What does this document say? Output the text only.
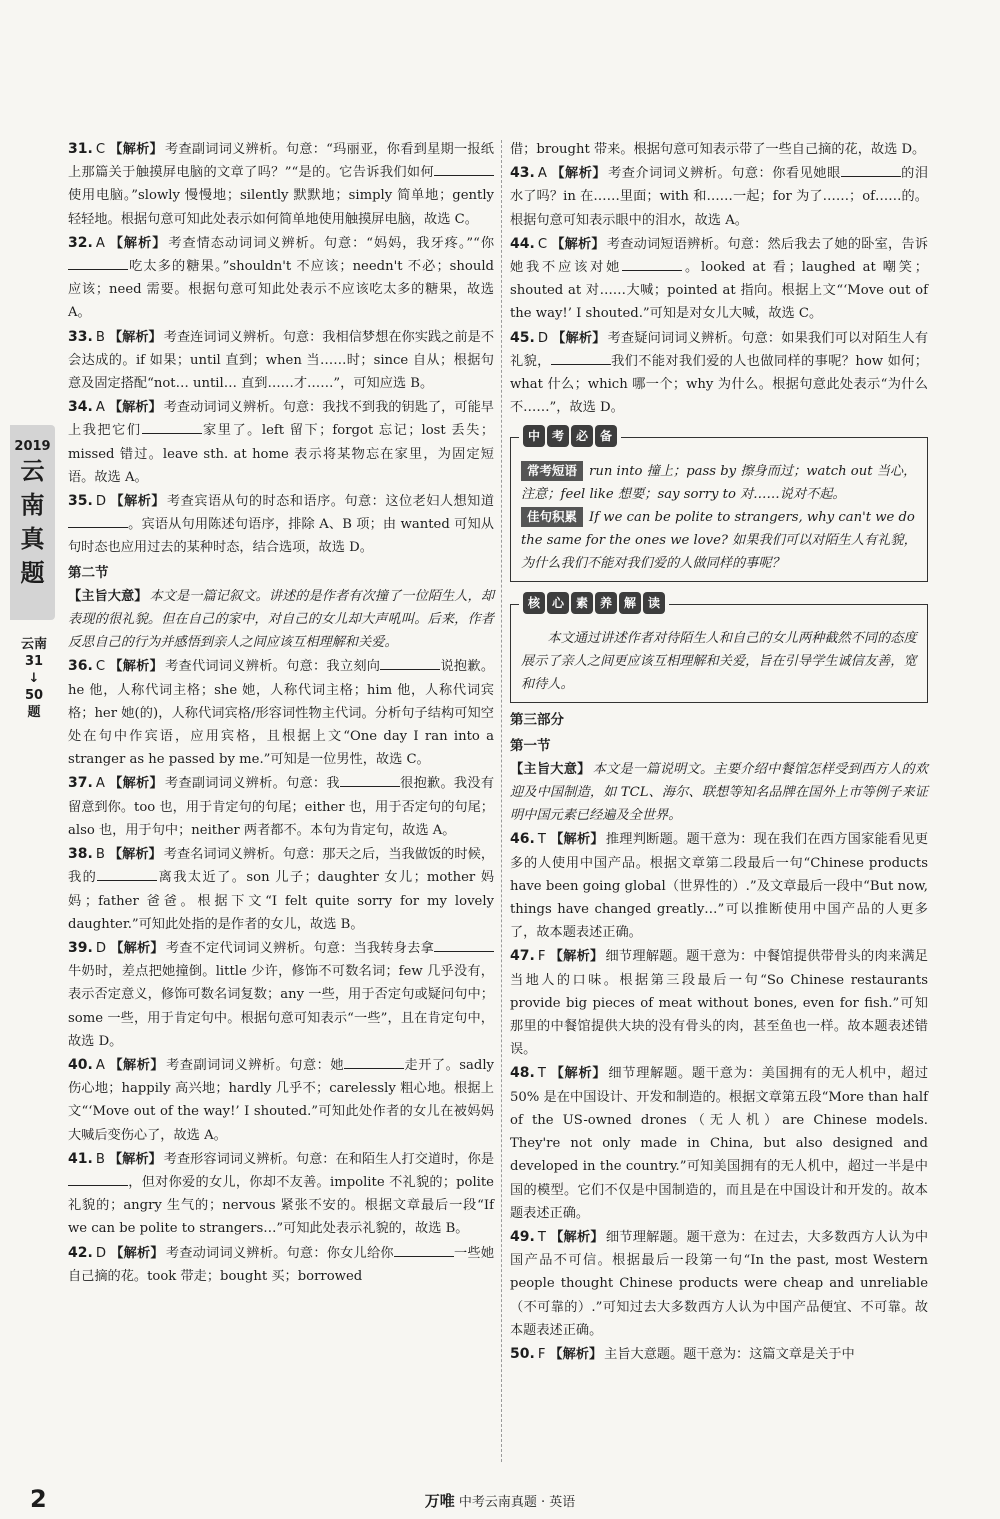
2019
云
南
真
题
云南
31
↓
50
题
31. C 【解析】 考查副词词义辨析。句意：“玛丽亚，你看到星期一报纸上那篇关于触摸屏电脑的文章了吗？”“是的。它告诉我们如何使用电脑。”slowly 慢慢地；silently 默默地；simply 简单地；gently 轻轻地。根据句意可知此处表示如何简单地使用触摸屏电脑，故选 C。
32. A 【解析】 考查情态动词词义辨析。句意：“妈妈，我牙疼。”“你吃太多的糖果。”shouldn't 不应该；needn't 不必；should 应该；need 需要。根据句意可知此处表示不应该吃太多的糖果，故选 A。
33. B 【解析】 考查连词词义辨析。句意：我相信梦想在你实践之前是不会达成的。if 如果；until 直到；when 当……时；since 自从；根据句意及固定搭配“not… until… 直到……才……”，可知应选 B。
34. A 【解析】 考查动词词义辨析。句意：我找不到我的钥匙了，可能早上我把它们	家里了。left 留下；forgot 忘记；lost 丢失；missed 错过。leave sth. at home 表示将某物忘在家里，为固定短语。故选 A。
35. D 【解析】 考查宾语从句的时态和语序。句意：这位老妇人想知道。宾语从句用陈述句语序，排除 A、B 项；由 wanted 可知从句时态也应用过去的某种时态，结合选项，故选 D。
第二节
【主旨大意】 本文是一篇记叙文。讲述的是作者有次撞了一位陌生人，却表现的很礼貌。但在自己的家中，对自己的女儿却大声吼叫。后来，作者反思自己的行为并感悟到亲人之间应该互相理解和关爱。
36. C 【解析】 考查代词词义辨析。句意：我立刻向	说抱歉。he 他，人称代词主格；she 她，人称代词主格；him 他，人称代词宾格；her 她(的)，人称代词宾格/形容词性物主代词。分析句子结构可知空处在句中作宾语，应用宾格，且根据上文“One day I ran into a stranger as he passed by me.”可知是一位男性，故选 C。
37. A 【解析】 考查副词词义辨析。句意：我	很抱歉。我没有留意到你。too 也，用于肯定句的句尾；either 也，用于否定句的句尾；also 也，用于句中；neither 两者都不。本句为肯定句，故选 A。
38. B 【解析】 考查名词词义辨析。句意：那天之后，当我做饭的时候，我的	离我太近了。son 儿子；daughter 女儿；mother 妈妈；father 爸爸。根据下文“I felt quite sorry for my lovely daughter.”可知此处指的是作者的女儿，故选 B。
39. D 【解析】 考查不定代词词义辨析。句意：当我转身去拿牛奶时，差点把她撞倒。little 少许，修饰不可数名词；few 几乎没有，表示否定意义，修饰可数名词复数；any 一些，用于否定句或疑问句中；some 一些，用于肯定句中。根据句意可知表示“一些”，且在肯定句中，故选 D。
40. A 【解析】 考查副词词义辨析。句意：她	走开了。sadly 伤心地；happily 高兴地；hardly 几乎不；carelessly 粗心地。根据上文“‘Move out of the way!’ I shouted.”可知此处作者的女儿在被妈妈大喊后变伤心了，故选 A。
41. B 【解析】 考查形容词词义辨析。句意：在和陌生人打交道时，你是，但对你爱的女儿，你却不友善。impolite 不礼貌的；polite 礼貌的；angry 生气的；nervous 紧张不安的。根据文章最后一段“If we can be polite to strangers…”可知此处表示礼貌的，故选 B。
42. D 【解析】 考查动词词义辨析。句意：你女儿给你	一些她自己摘的花。took 带走；bought 买；borrowed
借；brought 带来。根据句意可知表示带了一些自己摘的花，故选 D。
43. A 【解析】 考查介词词义辨析。句意：你看见她眼	的泪水了吗？in 在……里面；with 和……一起；for 为了……；of……的。根据句意可知表示眼中的泪水，故选 A。
44. C 【解析】 考查动词短语辨析。句意：然后我去了她的卧室，告诉她我不应该对她	。looked at 看；laughed at 嘲笑；shouted at 对……大喊；pointed at 指向。根据上文“‘Move out of the way!’ I shouted.”可知是对女儿大喊，故选 C。
45. D 【解析】 考查疑问词词义辨析。句意：如果我们可以对陌生人有礼貌，	我们不能对我们爱的人也做同样的事呢？how 如何；what 什么；which 哪一个；why 为什么。根据句意此处表示“为什么不……”，故选 D。
中 考 必 备
常考短语 run into 撞上；pass by 擦身而过；watch out 当心，注意；feel like 想要；say sorry to 对……说对不起。
佳句积累 If we can be polite to strangers, why can't we do the same for the ones we love? 如果我们可以对陌生人有礼貌，为什么我们不能对我们爱的人做同样的事呢？
核 心 素 养 解 读
本文通过讲述作者对待陌生人和自己的女儿两种截然不同的态度展示了亲人之间更应该互相理解和关爱，旨在引导学生诚信友善，宽和待人。
第三部分
第一节
【主旨大意】 本文是一篇说明文。主要介绍中餐馆怎样受到西方人的欢迎及中国制造，如 TCL、海尔、联想等知名品牌在国外上市等例子来证明中国元素已经遍及全世界。
46. T 【解析】 推理判断题。题干意为：现在我们在西方国家能看见更多的人使用中国产品。根据文章第二段最后一句“Chinese products have been going global（世界性的）.”及文章最后一段中“But now, things have changed greatly…”可以推断使用中国产品的人更多了，故本题表述正确。
47. F 【解析】 细节理解题。题干意为：中餐馆提供带骨头的肉来满足当地人的口味。根据第三段最后一句“So Chinese restaurants provide big pieces of meat without bones, even for fish.”可知那里的中餐馆提供大块的没有骨头的肉，甚至鱼也一样。故本题表述错误。
48. T 【解析】 细节理解题。题干意为：美国拥有的无人机中，超过 50% 是在中国设计、开发和制造的。根据文章第五段“More than half of the US-owned drones（无人机）are Chinese models. They're not only made in China, but also designed and developed in the country.”可知美国拥有的无人机中，超过一半是中国的模型。它们不仅是中国制造的，而且是在中国设计和开发的。故本题表述正确。
49. T 【解析】 细节理解题。题干意为：在过去，大多数西方人认为中国产品不可信。根据最后一段第一句“In the past, most Western people thought Chinese products were cheap and unreliable（不可靠的）.”可知过去大多数西方人认为中国产品便宜、不可靠。故本题表述正确。
50. F 【解析】 主旨大意题。题干意为：这篇文章是关于中
2	万唯 中考云南真题 · 英语
